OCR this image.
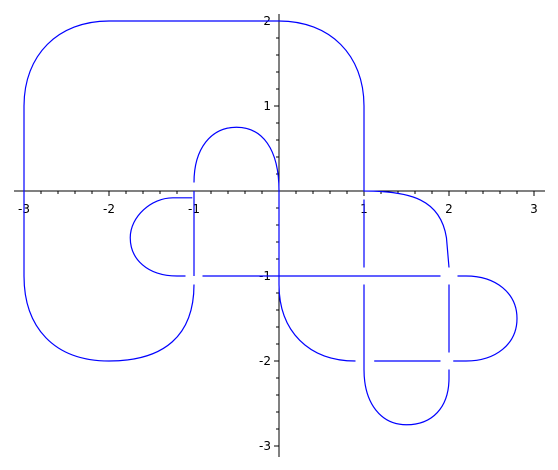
-3	-2	-1	1	2	3
-3
-2
-1
1
2
